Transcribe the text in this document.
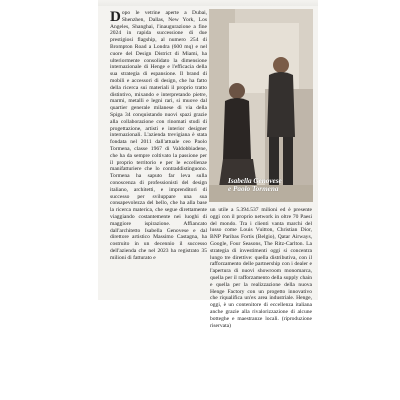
Dopo le vetrine aperte a Dubai, Shenzhen, Dallas, New York, Los Angeles, Shanghai, l'inaugurazione a fine 2024 in rapida successione di due prestigiosi flagship, al numero 254 di Brompton Road a Londra (600 mq) e nel cuore del Design District di Miami, ha ulteriormente consolidato la dimensione internazionale di Henge e l'efficacia della sua strategia di espansione. Il brand di mobili e accessori di design, che ha fatto della ricerca sui materiali il proprio tratto distintivo, mixando e interpretando pietre, marmi, metalli e legni rari, si muove dal quartier generale milanese di via della Spiga 34 conquistando nuovi spazi grazie alla collaborazione con rinomati studi di progettazione, artisti e interior designer internazionali. L'azienda trevigiana è stata fondata nel 2011 dall'attuale ceo Paolo Tormena, classe 1967 di Valdobbiadene, che ha da sempre coltivato la passione per il proprio territorio e per le eccellenze manifatturiere che lo contraddistinguono. Tormena ha saputo far leva sulla conoscenza di professionisti del design italiano, architetti, e imprenditori di successo per sviluppare una sua consapevolezza del bello, che ha alla base la ricerca materica, che segue direttamente viaggiando costantemente nei luoghi di maggiore ispirazione. Affiancato dall'architetto Isabella Genovese e dal direttore artistico Massimo Castagna, ha costruito in un decennio il successo dell'azienda che nel 2023 ha registrato 35 milioni di fatturato e
Isabella Genovese
e Paolo Tormena
un utile a 5.394.537 milioni ed è presente oggi con il proprio network in oltre 70 Paesi del mondo. Tra i clienti vanta marchi del lusso come Louis Vuitton, Christian Dior, BNP Paribas Fortis (Belgio), Qatar Airways, Google, Four Seasons, The Ritz-Carlton. La strategia di investimenti oggi si concentra lungo tre direttive: quella distributiva, con il rafforzamento delle partnership con i dealer e l'apertura di nuovi showroom monomarca, quella per il rafforzamento della supply chain e quella per la realizzazione della nuova Henge Factory con un progetto innovativo che riqualifica un'ex area industriale. Henge, oggi, è un contenitore di eccellenza italiana anche grazie alla rivalorizzazione di alcune botteghe e maestranze locali. (riproduzione riservata)
